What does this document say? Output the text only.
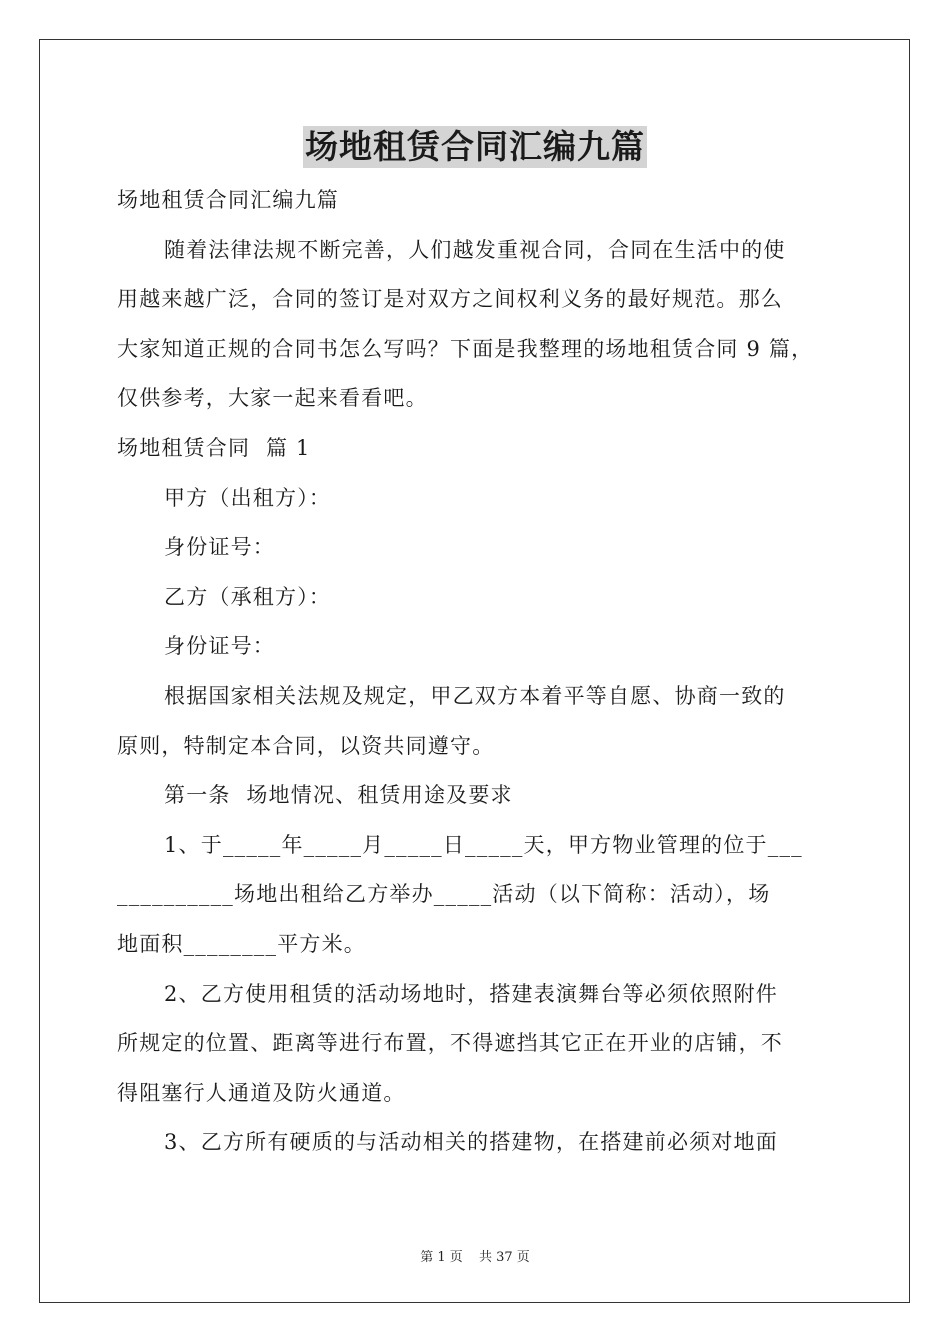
场地租赁合同汇编九篇
场地租赁合同汇编九篇
随着法律法规不断完善，人们越发重视合同，合同在生活中的使
用越来越广泛，合同的签订是对双方之间权利义务的最好规范。那么
大家知道正规的合同书怎么写吗？下面是我整理的场地租赁合同 9 篇，
仅供参考，大家一起来看看吧。
场地租赁合同  篇 1
甲方（出租方）：
身份证号：
乙方（承租方）：
身份证号：
根据国家相关法规及规定，甲乙双方本着平等自愿、协商一致的
原则，特制定本合同，以资共同遵守。
第一条  场地情况、租赁用途及要求
1、于_____年_____月_____日_____天，甲方物业管理的位于___
__________场地出租给乙方举办_____活动（以下简称：活动），场
地面积________平方米。
2、乙方使用租赁的活动场地时，搭建表演舞台等必须依照附件
所规定的位置、距离等进行布置，不得遮挡其它正在开业的店铺，不
得阻塞行人通道及防火通道。
3、乙方所有硬质的与活动相关的搭建物，在搭建前必须对地面
第 1 页 共 37 页
